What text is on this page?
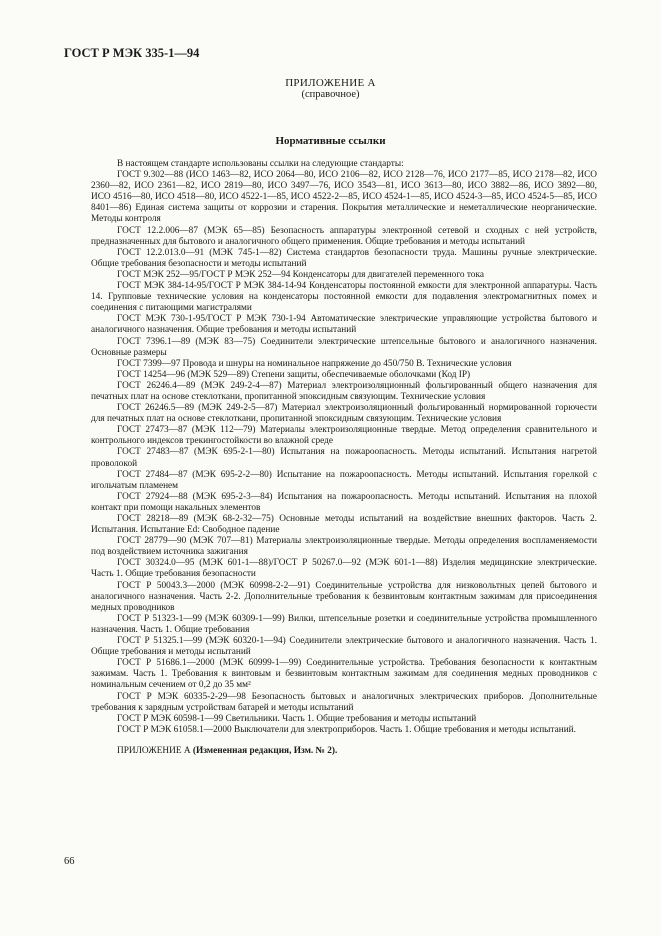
ГОСТ Р МЭК 335-1—94
ПРИЛОЖЕНИЕ А
(справочное)
Нормативные ссылки

В настоящем стандарте использованы ссылки на следующие стандарты:

ГОСТ 9.302—88 (ИСО 1463—82, ИСО 2064—80, ИСО 2106—82, ИСО 2128—76, ИСО 2177—85, ИСО 2178—82, ИСО 2360—82, ИСО 2361—82, ИСО 2819—80, ИСО 3497—76, ИСО 3543—81, ИСО 3613—80, ИСО 3882—86, ИСО 3892—80, ИСО 4516—80, ИСО 4518—80, ИСО 4522-1—85, ИСО 4522-2—85, ИСО 4524-1—85, ИСО 4524-3—85, ИСО 4524-5—85, ИСО 8401—86) Единая система защиты от коррозии и старения. Покрытия металлические и неметаллические неорганические. Методы контроля

ГОСТ 12.2.006—87 (МЭК 65—85) Безопасность аппаратуры электронной сетевой и сходных с ней устройств, предназначенных для бытового и аналогичного общего применения. Общие требования и методы испытаний

ГОСТ 12.2.013.0—91 (МЭК 745-1—82) Система стандартов безопасности труда. Машины ручные электрические. Общие требования безопасности и методы испытаний

ГОСТ МЭК 252—95/ГОСТ Р МЭК 252—94 Конденсаторы для двигателей переменного тока

ГОСТ МЭК 384-14-95/ГОСТ Р МЭК 384-14-94 Конденсаторы постоянной емкости для электронной аппаратуры. Часть 14. Групповые технические условия на конденсаторы постоянной емкости для подавления электромагнитных помех и соединения с питающими магистралями

ГОСТ МЭК 730-1-95/ГОСТ Р МЭК 730-1-94 Автоматические электрические управляющие устройства бытового и аналогичного назначения. Общие требования и методы испытаний

ГОСТ 7396.1—89 (МЭК 83—75) Соединители электрические штепсельные бытового и аналогичного назначения. Основные размеры

ГОСТ 7399—97 Провода и шнуры на номинальное напряжение до 450/750 В. Технические условия

ГОСТ 14254—96 (МЭК 529—89) Степени защиты, обеспечиваемые оболочками (Код IP)

ГОСТ 26246.4—89 (МЭК 249-2-4—87) Материал электроизоляционный фольгированный общего назначения для печатных плат на основе стеклоткани, пропитанной эпоксидным связующим. Технические условия

ГОСТ 26246.5—89 (МЭК 249-2-5—87) Материал электроизоляционный фольгированный нормированной горючести для печатных плат на основе стеклоткани, пропитанной эпоксидным связующим. Технические условия

ГОСТ 27473—87 (МЭК 112—79) Материалы электроизоляционные твердые. Метод определения сравнительного и контрольного индексов трекингостойкости во влажной среде

ГОСТ 27483—87 (МЭК 695-2-1—80) Испытания на пожароопасность. Методы испытаний. Испытания нагретой проволокой

ГОСТ 27484—87 (МЭК 695-2-2—80) Испытание на пожароопасность. Методы испытаний. Испытания горелкой с игольчатым пламенем

ГОСТ 27924—88 (МЭК 695-2-3—84) Испытания на пожароопасность. Методы испытаний. Испытания на плохой контакт при помощи накальных элементов

ГОСТ 28218—89 (МЭК 68-2-32—75) Основные методы испытаний на воздействие внешних факторов. Часть 2. Испытания. Испытание Ed: Свободное падение

ГОСТ 28779—90 (МЭК 707—81) Материалы электроизоляционные твердые. Методы определения воспламеняемости под воздействием источника зажигания

ГОСТ 30324.0—95 (МЭК 601-1—88)/ГОСТ Р 50267.0—92 (МЭК 601-1—88) Изделия медицинские электрические. Часть 1. Общие требования безопасности

ГОСТ Р 50043.3—2000 (МЭК 60998-2-2—91) Соединительные устройства для низковольтных цепей бытового и аналогичного назначения. Часть 2-2. Дополнительные требования к безвинтовым контактным зажимам для присоединения медных проводников

ГОСТ Р 51323-1—99 (МЭК 60309-1—99) Вилки, штепсельные розетки и соединительные устройства промышленного назначения. Часть 1. Общие требования

ГОСТ Р 51325.1—99 (МЭК 60320-1—94) Соединители электрические бытового и аналогичного назначения. Часть 1. Общие требования и методы испытаний

ГОСТ Р 51686.1—2000 (МЭК 60999-1—99) Соединительные устройства. Требования безопасности к контактным зажимам. Часть 1. Требования к винтовым и безвинтовым контактным зажимам для соединения медных проводников с номинальным сечением от 0,2 до 35 мм²

ГОСТ Р МЭК 60335-2-29—98 Безопасность бытовых и аналогичных электрических приборов. Дополнительные требования к зарядным устройствам батарей и методы испытаний

ГОСТ Р МЭК 60598-1—99 Светильники. Часть 1. Общие требования и методы испытаний

ГОСТ Р МЭК 61058.1—2000 Выключатели для электроприборов. Часть 1. Общие требования и методы испытаний.

ПРИЛОЖЕНИЕ А (Измененная редакция, Изм. № 2).

66
